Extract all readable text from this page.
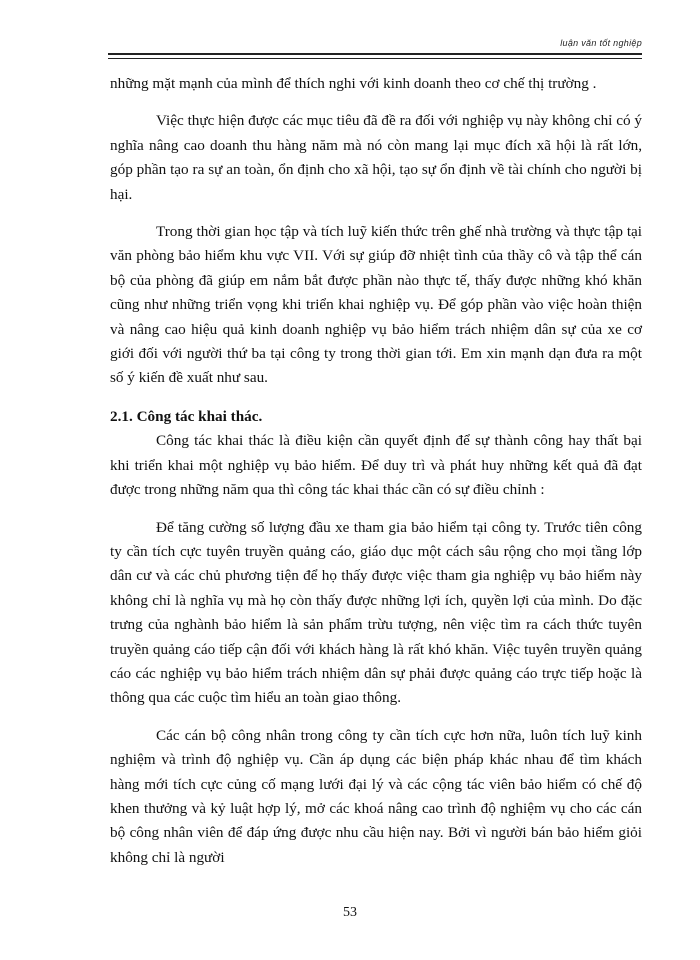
luận văn tốt nghiệp

những mặt mạnh của mình để thích nghi với kinh doanh theo cơ chế thị trường .

Việc thực hiện được các mục tiêu đã đề ra đối với nghiệp vụ này không chỉ có ý nghĩa nâng cao doanh thu hàng năm mà nó còn mang lại mục đích xã hội là rất lớn, góp phần tạo ra sự an toàn, ổn định cho xã hội, tạo sự ổn định về tài chính cho người bị hại.

Trong thời gian học tập và tích luỹ kiến thức trên ghế nhà trường và thực tập tại văn phòng bảo hiểm khu vực VII. Với sự giúp đỡ nhiệt tình của thầy cô và tập thể cán bộ của phòng đã giúp em nắm bắt được phần nào thực tế, thấy được những khó khăn cũng như những triển vọng khi triển khai nghiệp vụ. Để góp phần vào việc hoàn thiện và nâng cao hiệu quả kinh doanh nghiệp vụ bảo hiểm trách nhiệm dân sự của xe cơ giới đối với người thứ ba tại công ty trong thời gian tới. Em xin mạnh dạn đưa ra một số ý kiến đề xuất như sau.

2.1. Công tác khai thác.

Công tác khai thác là điều kiện cần quyết định để sự thành công hay thất bại khi triển khai một nghiệp vụ bảo hiểm. Để duy trì và phát huy những kết quả đã đạt được trong những năm qua thì công tác khai thác cần có sự điều chỉnh :

Để tăng cường số lượng đầu xe tham gia bảo hiểm tại công ty. Trước tiên công ty cần tích cực tuyên truyền quảng cáo, giáo dục một cách sâu rộng cho mọi tầng lớp dân cư và các chủ phương tiện để họ thấy được việc tham gia nghiệp vụ bảo hiểm này không chỉ là nghĩa vụ mà họ còn thấy được những lợi ích, quyền lợi của mình. Do đặc trưng của nghành bảo hiểm là sản phẩm trừu tượng, nên việc tìm ra cách thức tuyên truyền quảng cáo tiếp cận đối với khách hàng là rất khó khăn. Việc tuyên truyền quảng cáo các nghiệp vụ bảo hiểm trách nhiệm dân sự phải được quảng cáo trực tiếp hoặc là thông qua các cuộc tìm hiểu an toàn giao thông.

Các cán bộ công nhân trong công ty cần tích cực hơn nữa, luôn tích luỹ kinh nghiệm và trình độ nghiệp vụ. Cần áp dụng các biện pháp khác nhau để tìm khách hàng mới tích cực củng cố mạng lưới đại lý và các cộng tác viên bảo hiểm có chế độ khen thưởng và kỷ luật hợp lý, mở các khoá nâng cao trình độ nghiệm vụ cho các cán bộ công nhân viên để đáp ứng được nhu cầu hiện nay. Bởi vì người bán bảo hiểm giỏi không chỉ là người

53
